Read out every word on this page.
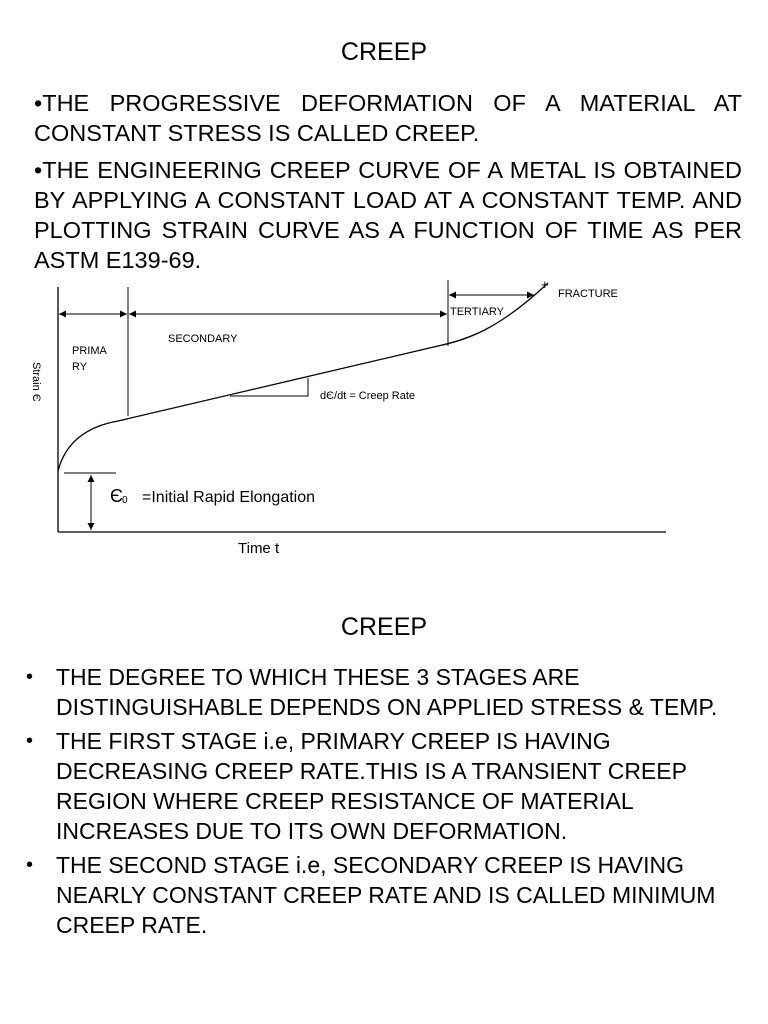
CREEP
•THE PROGRESSIVE DEFORMATION OF A MATERIAL AT CONSTANT STRESS IS CALLED CREEP.
•THE ENGINEERING CREEP CURVE OF A METAL IS OBTAINED BY APPLYING A CONSTANT LOAD AT A CONSTANT TEMP. AND PLOTTING STRAIN CURVE AS A FUNCTION OF TIME AS PER ASTM E139-69.
PRIMA
RY
SECONDARY
TERTIARY
+
FRACTURE
dЄ/dt = Creep Rate
Strain Є
Time t
Є 0 =Initial Rapid Elongation
CREEP
• THE DEGREE TO WHICH THESE 3 STAGES ARE DISTINGUISHABLE DEPENDS ON APPLIED STRESS & TEMP.
• THE FIRST STAGE i.e, PRIMARY CREEP IS HAVING DECREASING CREEP RATE.THIS IS A TRANSIENT CREEP REGION WHERE CREEP RESISTANCE OF MATERIAL INCREASES DUE TO ITS OWN DEFORMATION.
• THE SECOND STAGE i.e, SECONDARY CREEP IS HAVING NEARLY CONSTANT CREEP RATE AND IS CALLED MINIMUM CREEP RATE.
